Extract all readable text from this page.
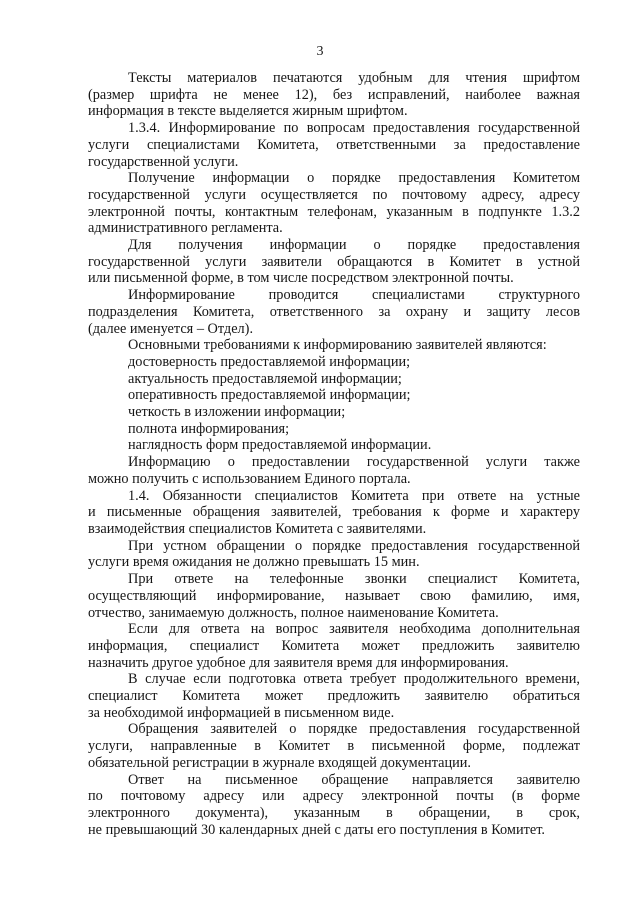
3
Тексты материалов печатаются удобным для чтения шрифтом
(размер шрифта не менее 12), без исправлений, наиболее важная
информация в тексте выделяется жирным шрифтом.
1.3.4. Информирование по вопросам предоставления государственной
услуги специалистами Комитета, ответственными за предоставление
государственной услуги.
Получение информации о порядке предоставления Комитетом
государственной услуги осуществляется по почтовому адресу, адресу
электронной почты, контактным телефонам, указанным в подпункте 1.3.2
административного регламента.
Для получения информации о порядке предоставления
государственной услуги заявители обращаются в Комитет в устной
или письменной форме, в том числе посредством электронной почты.
Информирование проводится специалистами структурного
подразделения Комитета, ответственного за охрану и защиту лесов
(далее именуется – Отдел).
Основными требованиями к информированию заявителей являются:
достоверность предоставляемой информации;
актуальность предоставляемой информации;
оперативность предоставляемой информации;
четкость в изложении информации;
полнота информирования;
наглядность форм предоставляемой информации.
Информацию о предоставлении государственной услуги также
можно получить с использованием Единого портала.
1.4. Обязанности специалистов Комитета при ответе на устные
и письменные обращения заявителей, требования к форме и характеру
взаимодействия специалистов Комитета с заявителями.
При устном обращении о порядке предоставления государственной
услуги время ожидания не должно превышать 15 мин.
При ответе на телефонные звонки специалист Комитета,
осуществляющий информирование, называет свою фамилию, имя,
отчество, занимаемую должность, полное наименование Комитета.
Если для ответа на вопрос заявителя необходима дополнительная
информация, специалист Комитета может предложить заявителю
назначить другое удобное для заявителя время для информирования.
В случае если подготовка ответа требует продолжительного времени,
специалист Комитета может предложить заявителю обратиться
за необходимой информацией в письменном виде.
Обращения заявителей о порядке предоставления государственной
услуги, направленные в Комитет в письменной форме, подлежат
обязательной регистрации в журнале входящей документации.
Ответ на письменное обращение направляется заявителю
по почтовому адресу или адресу электронной почты (в форме
электронного документа), указанным в обращении, в срок,
не превышающий 30 календарных дней с даты его поступления в Комитет.
